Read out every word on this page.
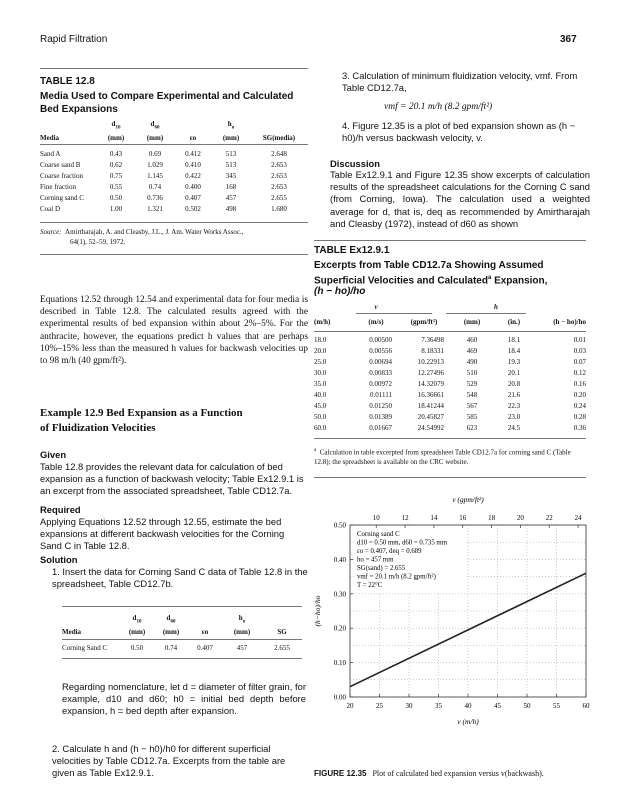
Rapid Filtration	367
TABLE 12.8
Media Used to Compare Experimental and Calculated
Bed Expansions
	$d_{10}$	$d_{60}$		$h_o$	
Media	(mm)	(mm)	εo	(mm)	SG(media)
Sand A	0.43	0.69	0.412	513	2.648
Coarse sand B	0.62	1.029	0.410	513	2.653
Coarse fraction	0.75	1.145	0.422	345	2.653
Fine fraction	0.55	0.74	0.400	168	2.653
Corning sand C	0.50	0.736	0.407	457	2.655
Coal D	1.00	1.321	0.502	498	1.680
Source: Amirtharajah, A. and Cleasby, J.L., J. Am. Water Works Assoc.,
64(1), 52–59, 1972.
Equations 12.52 through 12.54 and experimental data for four media is described in Table 12.8. The calculated results agreed with the experimental results of bed expansion within about 2%–5%. For the anthracite, however, the equations predict h values that are perhaps 10%–15% less than the measured h values for backwash velocities up to 98 m/h (40 gpm/ft²).
Example 12.9 Bed Expansion as a Function
of Fluidization Velocities
Given
Table 12.8 provides the relevant data for calculation of bed expansion as a function of backwash velocity; Table Ex12.9.1 is an excerpt from the associated spreadsheet, Table CD12.7a.
Required
Applying Equations 12.52 through 12.55, estimate the bed expansions at different backwash velocities for the Corning Sand C in Table 12.8.
Solution
1. Insert the data for Corning Sand C data of Table 12.8 in the spreadsheet, Table CD12.7b.
	$d_{10}$	$d_{60}$		$h_o$	
Media	(mm)	(mm)	εo	(mm)	SG
Corning Sand C	0.50	0.74	0.407	457	2.655
Regarding nomenclature, let d = diameter of filter grain, for example, d10 and d60; h0 = initial bed depth before expansion, h = bed depth after expansion.
2. Calculate h and (h − h0)/h0 for different superficial velocities by Table CD12.7a. Excerpts from the table are given as Table Ex12.9.1.
3. Calculation of minimum fluidization velocity, vmf. From Table CD12.7a,
vmf = 20.1 m/h (8.2 gpm/ft²)
4. Figure 12.35 is a plot of bed expansion shown as (h − h0)/h versus backwash velocity, v.
Discussion
Table Ex12.9.1 and Figure 12.35 show excerpts of calculation results of the spreadsheet calculations for the Corning C sand (from Corning, Iowa). The calculation used a weighted average for d, that is, deq as recommended by Amirtharajah and Cleasby (1972), instead of d60 as shown
TABLE Ex12.9.1
Excerpts from Table CD12.7a Showing Assumed
Superficial Velocities and Calculated$^a$ Expansion,
(h − ho)/ho
	v			h	
(m/h)	(m/s)	(gpm/ft²)	(mm)	(in.)	(h − ho)/ho
18.0	0.00500	7.36498	460	18.1	0.01
20.0	0.00556	8.18331	469	18.4	0.03
25.0	0.00694	10.22913	490	19.3	0.07
30.0	0.00833	12.27496	510	20.1	0.12
35.0	0.00972	14.32079	529	20.8	0.16
40.0	0.01111	16.36661	548	21.6	0.20
45.0	0.01250	18.41244	567	22.3	0.24
50.0	0.01389	20.45827	585	23.0	0.28
60.0	0.01667	24.54992	623	24.5	0.36
$^a$ Calculation in table excerpted from spreadsheet Table CD12.7a for corning sand C (Table 12.8); the spreadsheet is available on the CRC website.
20	25	30	35	40	45	50	55	60
0.00
0.10
0.20
0.30
0.40
0.50
10	12	14	16	18	20	22	24
v (gpm/ft²)
v (m/h)
(h−ho)/ho
Corning sand C
d10 = 0.50 mm, d60 = 0.735 mm
εo = 0.407, deq = 0.689
ho = 457 mm
SG(sand) = 2.655
vmf = 20.1 m/h (8.2 gpm/ft²)
T = 22°C
FIGURE 12.35 Plot of calculated bed expansion versus v(backwash).
